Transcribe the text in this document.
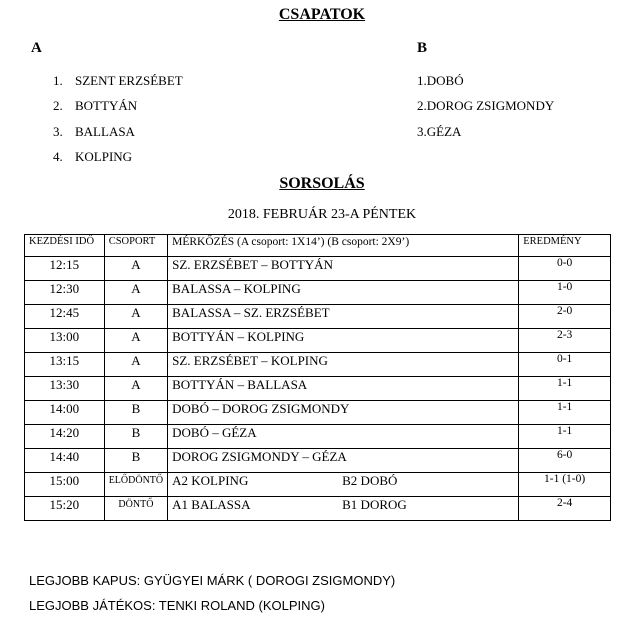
CSAPATOK
A	B
1. SZENT ERZSÉBET
2. BOTTYÁN
3. BALLASA
4. KOLPING
1.DOBÓ
2.DOROG ZSIGMONDY
3.GÉZA
SORSOLÁS
2018. FEBRUÁR 23-A PÉNTEK
KEZDÉSI IDŐ	CSOPORT	MÉRKŐZÉS (A csoport: 1X14’) (B csoport: 2X9’)	EREDMÉNY
12:15	A	SZ. ERZSÉBET – BOTTYÁN	0-0
12:30	A	BALASSA – KOLPING	1-0
12:45	A	BALASSA – SZ. ERZSÉBET	2-0
13:00	A	BOTTYÁN – KOLPING	2-3
13:15	A	SZ. ERZSÉBET – KOLPING	0-1
13:30	A	BOTTYÁN – BALLASA	1-1
14:00	B	DOBÓ – DOROG ZSIGMONDY	1-1
14:20	B	DOBÓ – GÉZA	1-1
14:40	B	DOROG ZSIGMONDY – GÉZA	6-0
15:00	ELŐDÖNTŐ	A2 KOLPING B2 DOBÓ	1-1 (1-0)
15:20	DÖNTŐ	A1 BALASSA B1 DOROG	2-4
LEGJOBB KAPUS: GYÜGYEI MÁRK ( DOROGI ZSIGMONDY)
LEGJOBB JÁTÉKOS: TENKI ROLAND (KOLPING)
